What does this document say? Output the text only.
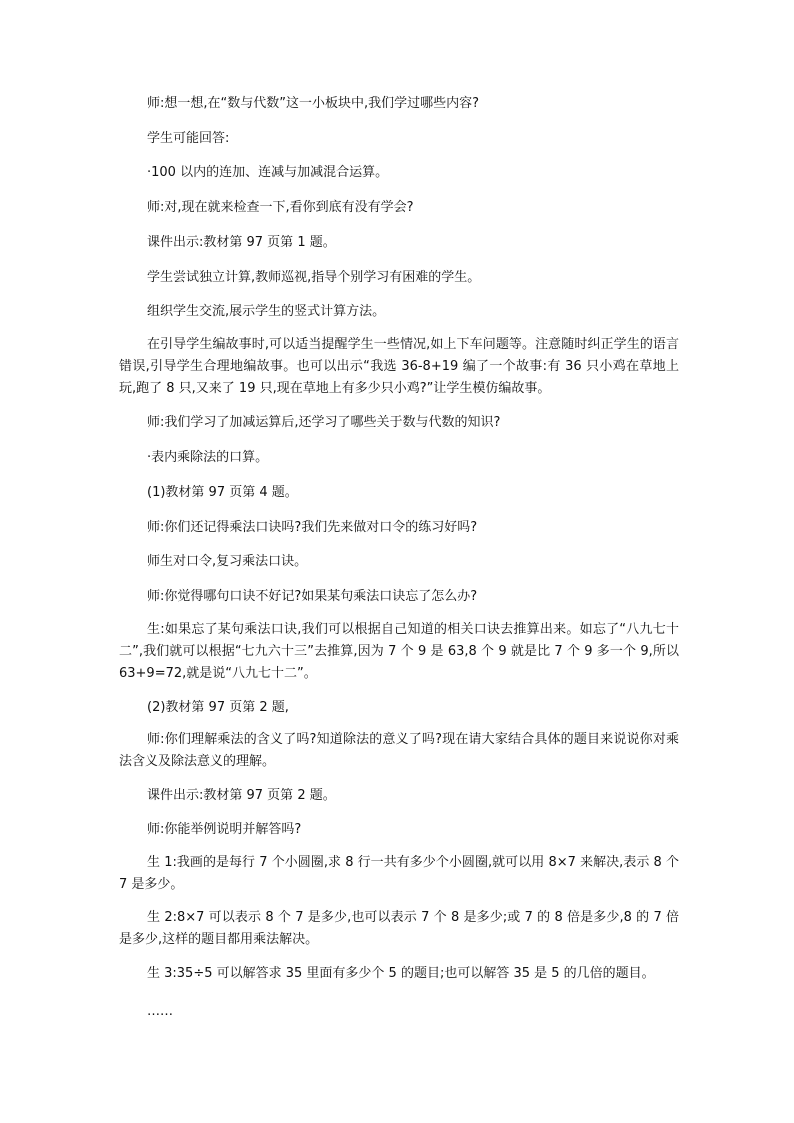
师:想一想,在“数与代数”这一小板块中,我们学过哪些内容?

学生可能回答:

·100 以内的连加、连减与加减混合运算。

师:对,现在就来检查一下,看你到底有没有学会?

课件出示:教材第 97 页第 1 题。

学生尝试独立计算,教师巡视,指导个别学习有困难的学生。

组织学生交流,展示学生的竖式计算方法。

在引导学生编故事时,可以适当提醒学生一些情况,如上下车问题等。注意随时纠正学生的语言错误,引导学生合理地编故事。也可以出示“我选 36-8+19 编了一个故事:有 36 只小鸡在草地上玩,跑了 8 只,又来了 19 只,现在草地上有多少只小鸡?”让学生模仿编故事。

师:我们学习了加减运算后,还学习了哪些关于数与代数的知识?

·表内乘除法的口算。

(1)教材第 97 页第 4 题。

师:你们还记得乘法口诀吗?我们先来做对口令的练习好吗?

师生对口令,复习乘法口诀。

师:你觉得哪句口诀不好记?如果某句乘法口诀忘了怎么办?

生:如果忘了某句乘法口诀,我们可以根据自己知道的相关口诀去推算出来。如忘了“八九七十二”,我们就可以根据“七九六十三”去推算,因为 7 个 9 是 63,8 个 9 就是比 7 个 9 多一个 9,所以 63+9=72,就是说“八九七十二”。

(2)教材第 97 页第 2 题,

师:你们理解乘法的含义了吗?知道除法的意义了吗?现在请大家结合具体的题目来说说你对乘法含义及除法意义的理解。

课件出示:教材第 97 页第 2 题。

师:你能举例说明并解答吗?

生 1:我画的是每行 7 个小圆圈,求 8 行一共有多少个小圆圈,就可以用 8×7 来解决,表示 8 个 7 是多少。

生 2:8×7 可以表示 8 个 7 是多少,也可以表示 7 个 8 是多少;或 7 的 8 倍是多少,8 的 7 倍是多少,这样的题目都用乘法解决。

生 3:35÷5 可以解答求 35 里面有多少个 5 的题目;也可以解答 35 是 5 的几倍的题目。

……
